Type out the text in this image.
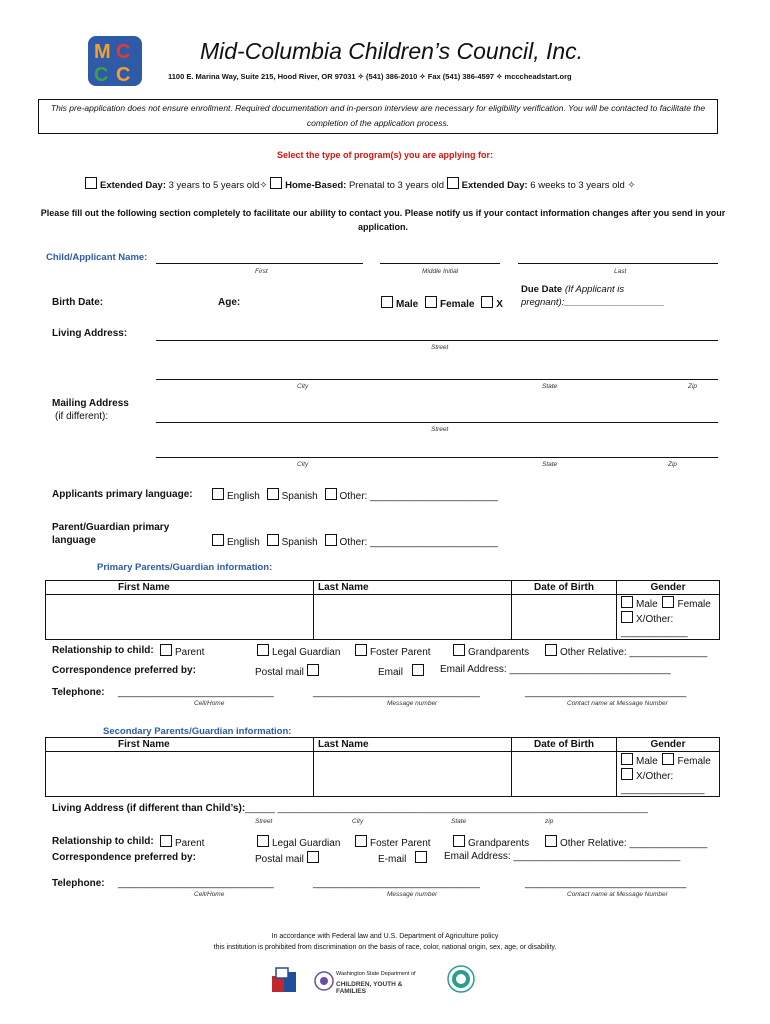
M C
C C
Mid-Columbia Children’s Council, Inc.
1100 E. Marina Way, Suite 215, Hood River, OR 97031 ✧ (541) 386-2010 ✧ Fax (541) 386-4597 ✧ mcccheadstart.org
This pre-application does not ensure enrollment. Required documentation and in-person interview are necessary for eligibility verification. You will be contacted to facilitate the completion of the application process.
Select the type of program(s) you are applying for:
Extended Day: 3 years to 5 years old✧ Home-Based: Prenatal to 3 years old Extended Day: 6 weeks to 3 years old ✧
Please fill out the following section completely to facilitate our ability to contact you. Please notify us if your contact information changes after you send in your application.
Child/Applicant Name:
First	Middle Initial	Last
Birth Date:	Age:	Male Female X
Due Date (If Applicant is
pregnant):___________________
Living Address:
Street
City	State	Zip
Mailing Address
(if different):
Street
City	State	Zip
Applicants primary language:	English Spanish Other: _______________________
Parent/Guardian primary
language	English Spanish Other: _______________________
Primary Parents/Guardian information:
First Name	Last Name	Date of Birth	Gender
			Male Female
X/Other: ____________
Relationship to child:	Parent	Legal Guardian	Foster Parent	Grandparents	Other Relative: ______________
Correspondence preferred by:	Postal mail	Email	Email Address: _____________________________
Telephone: ____________________________	______________________________	_____________________________
Cell/Home	Message number	Contact name at Message Number
Secondary Parents/Guardian information:
First Name	Last Name	Date of Birth	Gender
			Male Female
X/Other: _______________
Living Address (if different than Child’s): ______ __________________________________________________________________________
Street	City	State	zip
Relationship to child:	Parent	Legal Guardian	Foster Parent	Grandparents	Other Relative: ______________
Correspondence preferred by:	Postal mail	E-mail	Email Address: ______________________________
Telephone: ____________________________	______________________________	_____________________________
Cell/Home	Message number	Contact name at Message Number
In accordance with Federal law and U.S. Department of Agriculture policy
this institution is prohibited from discrimination on the basis of race, color, national origin, sex, age, or disability.
Washington State Department of
CHILDREN, YOUTH & FAMILIES
